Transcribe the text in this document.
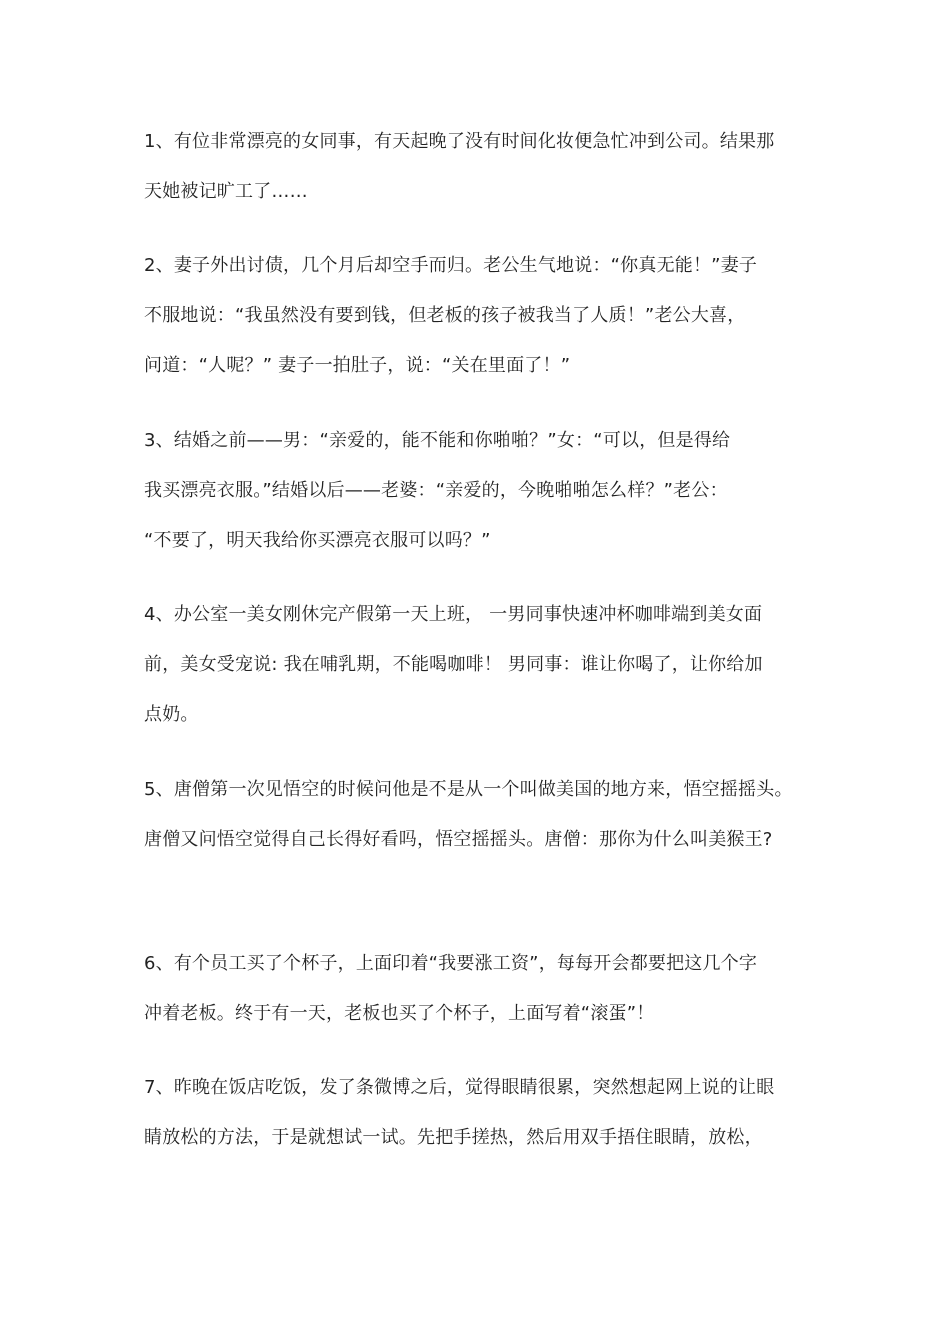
1、有位非常漂亮的女同事，有天起晚了没有时间化妆便急忙冲到公司。结果那
天她被记旷工了……
2、妻子外出讨债，几个月后却空手而归。老公生气地说：“你真无能！”妻子
不服地说：“我虽然没有要到钱，但老板的孩子被我当了人质！”老公大喜，
问道：“人呢？” 妻子一拍肚子，说：“关在里面了！”
3、结婚之前——男：“亲爱的，能不能和你啪啪？”女：“可以，但是得给
我买漂亮衣服。”结婚以后——老婆：“亲爱的，今晚啪啪怎么样？”老公：
“不要了，明天我给你买漂亮衣服可以吗？”
4、办公室一美女刚休完产假第一天上班， 一男同事快速冲杯咖啡端到美女面
前，美女受宠说: 我在哺乳期，不能喝咖啡！ 男同事：谁让你喝了，让你给加
点奶。
5、唐僧第一次见悟空的时候问他是不是从一个叫做美国的地方来，悟空摇摇头。
唐僧又问悟空觉得自己长得好看吗，悟空摇摇头。唐僧：那你为什么叫美猴王?
6、有个员工买了个杯子，上面印着“我要涨工资”，每每开会都要把这几个字
冲着老板。终于有一天，老板也买了个杯子，上面写着“滚蛋”！
7、昨晚在饭店吃饭，发了条微博之后，觉得眼睛很累，突然想起网上说的让眼
睛放松的方法，于是就想试一试。先把手搓热，然后用双手捂住眼睛，放松，
